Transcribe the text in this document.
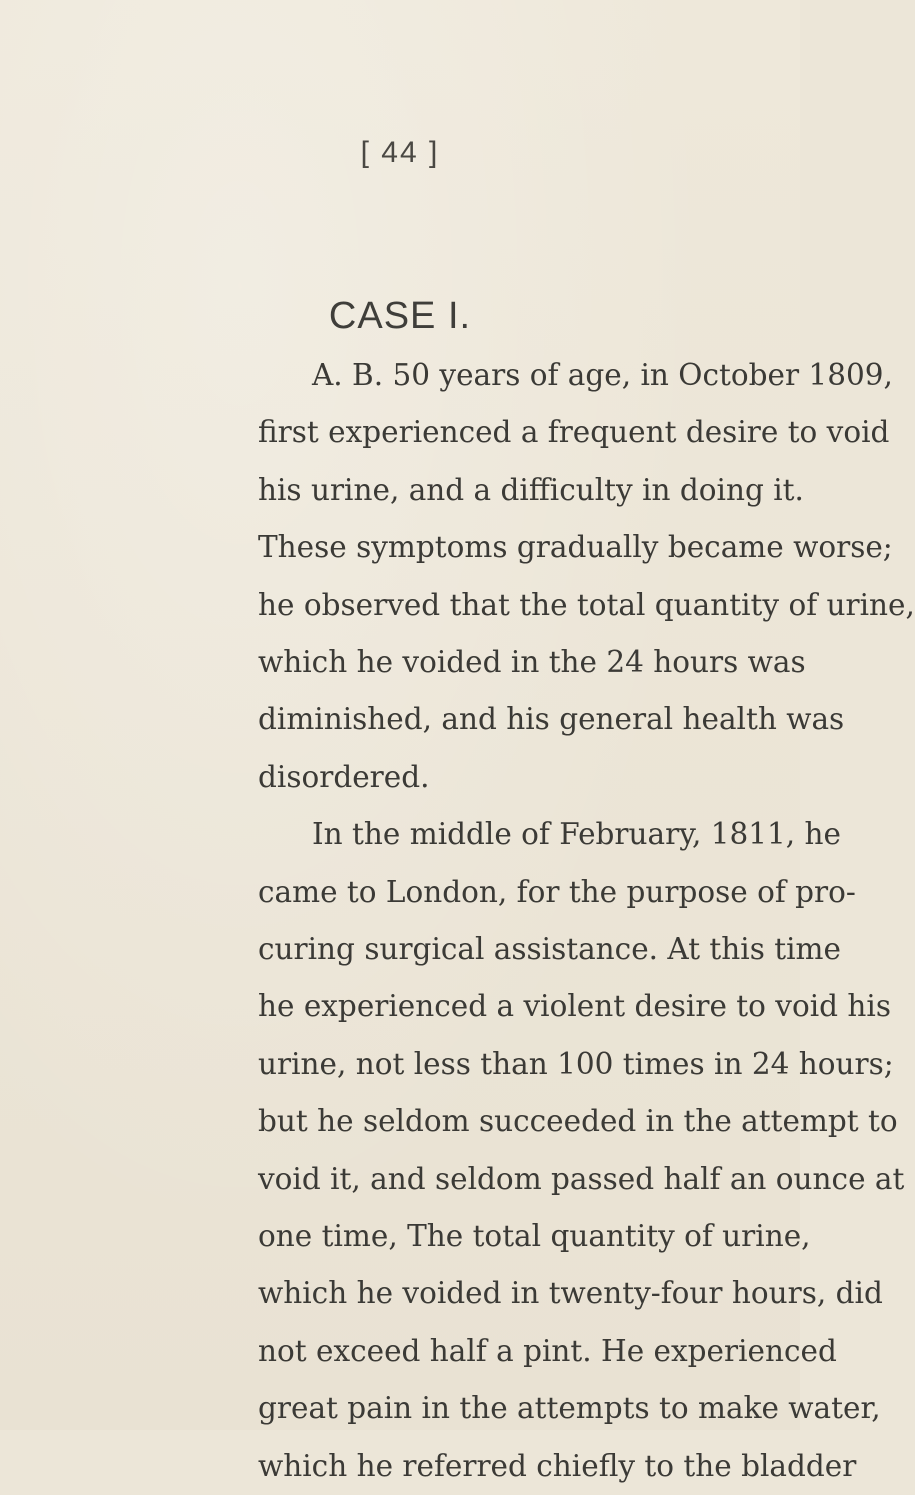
[ 44 ]
CASE I.
A. B. 50 years of age, in October 1809,
first experienced a frequent desire to void
his urine, and a difficulty in doing it.
These symptoms gradually became worse;
he observed that the total quantity of urine,
which he voided in the 24 hours was
diminished, and his general health was
disordered.
In the middle of February, 1811, he
came to London, for the purpose of pro-
curing surgical assistance. At this time
he experienced a violent desire to void his
urine, not less than 100 times in 24 hours;
but he seldom succeeded in the attempt to
void it, and seldom passed half an ounce at
one time, The total quantity of urine,
which he voided in twenty-four hours, did
not exceed half a pint. He experienced
great pain in the attempts to make water,
which he referred chiefly to the bladder
